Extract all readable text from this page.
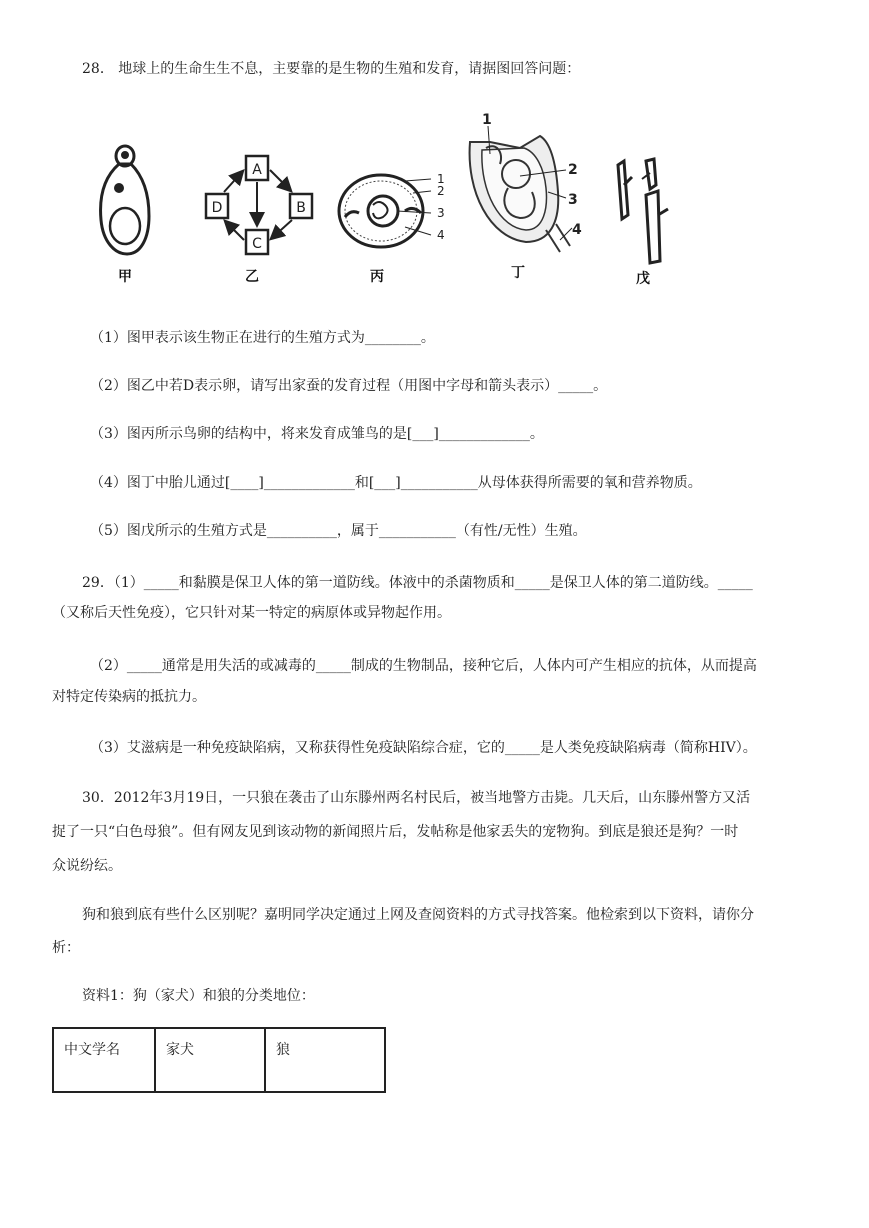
28． 地球上的生命生生不息，主要靠的是生物的生殖和发育，请据图回答问题：
甲
A
B
C
D
乙
1
2
3
4
丙
1
2
3
4
丁	戊
（1）图甲表示该生物正在进行的生殖方式为________。
（2）图乙中若D表示卵，请写出家蚕的发育过程（用图中字母和箭头表示）_____。
（3）图丙所示鸟卵的结构中，将来发育成雏鸟的是[___]_____________。
（4）图丁中胎儿通过[____]_____________和[___]___________从母体获得所需要的氧和营养物质。
（5）图戊所示的生殖方式是__________，属于___________（有性/无性）生殖。
29．（1）_____和黏膜是保卫人体的第一道防线。体液中的杀菌物质和_____是保卫人体的第二道防线。_____
（又称后天性免疫），它只针对某一特定的病原体或异物起作用。
（2）_____通常是用失活的或减毒的_____制成的生物制品，接种它后，人体内可产生相应的抗体，从而提高
对特定传染病的抵抗力。
（3）艾滋病是一种免疫缺陷病，又称获得性免疫缺陷综合症，它的_____是人类免疫缺陷病毒（简称HIV）。
30．2012年3月19日，一只狼在袭击了山东滕州两名村民后，被当地警方击毙。几天后，山东滕州警方又活
捉了一只“白色母狼”。但有网友见到该动物的新闻照片后，发帖称是他家丢失的宠物狗。到底是狼还是狗？一时
众说纷纭。
狗和狼到底有些什么区别呢？嘉明同学决定通过上网及查阅资料的方式寻找答案。他检索到以下资料，请你分
析：
资料1：狗（家犬）和狼的分类地位：
中文学名	家犬	狼
